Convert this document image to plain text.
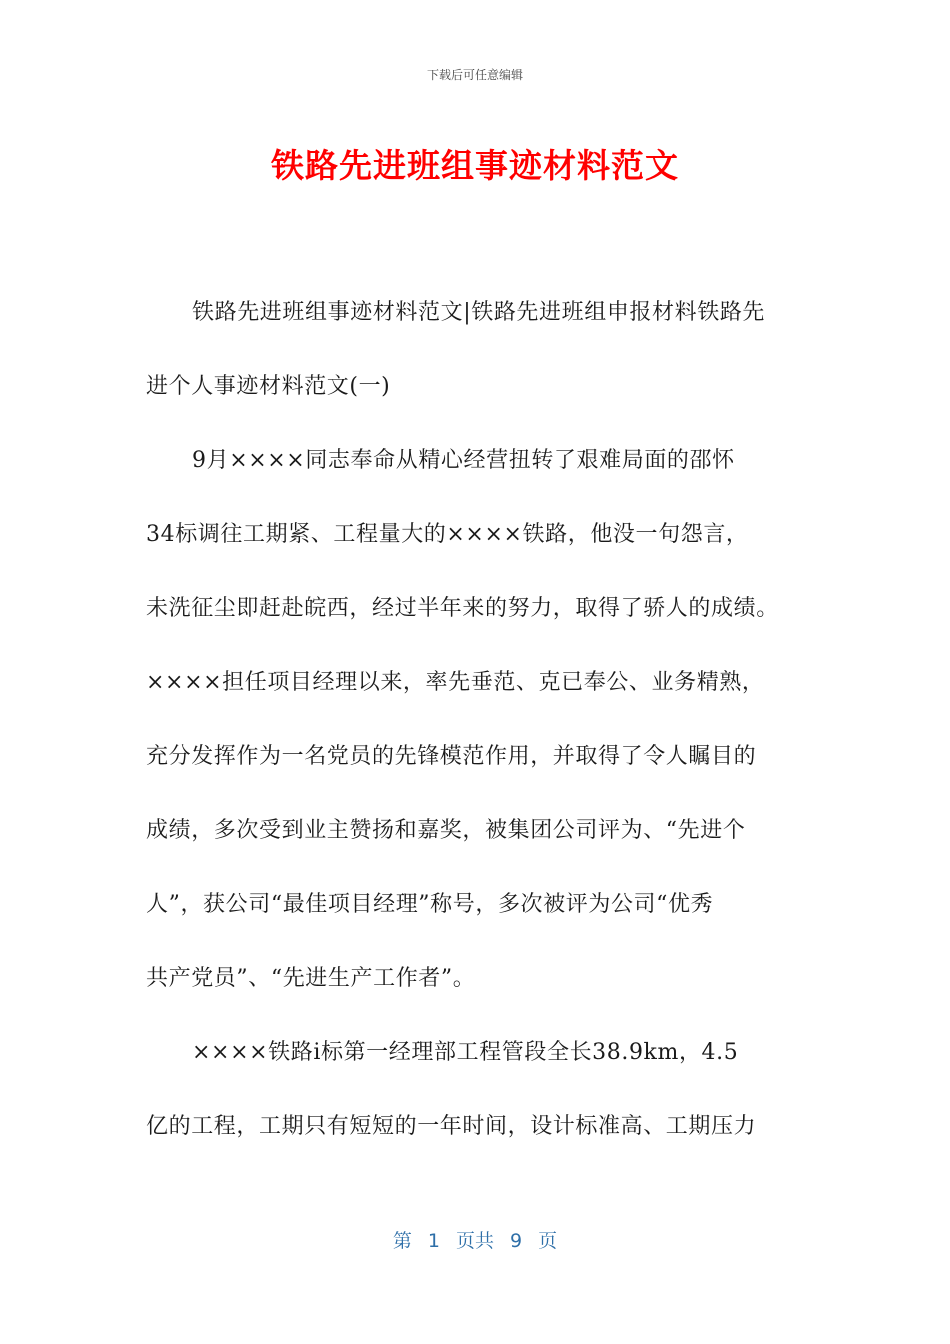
下载后可任意编辑
铁路先进班组事迹材料范文
铁路先进班组事迹材料范文|铁路先进班组申报材料铁路先
进个人事迹材料范文(一)
9月××××同志奉命从精心经营扭转了艰难局面的邵怀
34标调往工期紧、工程量大的××××铁路，他没一句怨言，
未洗征尘即赶赴皖西，经过半年来的努力，取得了骄人的成绩。
××××担任项目经理以来，率先垂范、克已奉公、业务精熟，
充分发挥作为一名党员的先锋模范作用，并取得了令人瞩目的
成绩，多次受到业主赞扬和嘉奖，被集团公司评为、“先进个
人”，获公司“最佳项目经理”称号，多次被评为公司“优秀
共产党员”、“先进生产工作者”。
××××铁路i标第一经理部工程管段全长38.9km，4.5
亿的工程，工期只有短短的一年时间，设计标准高、工期压力
第 1 页共 9 页
